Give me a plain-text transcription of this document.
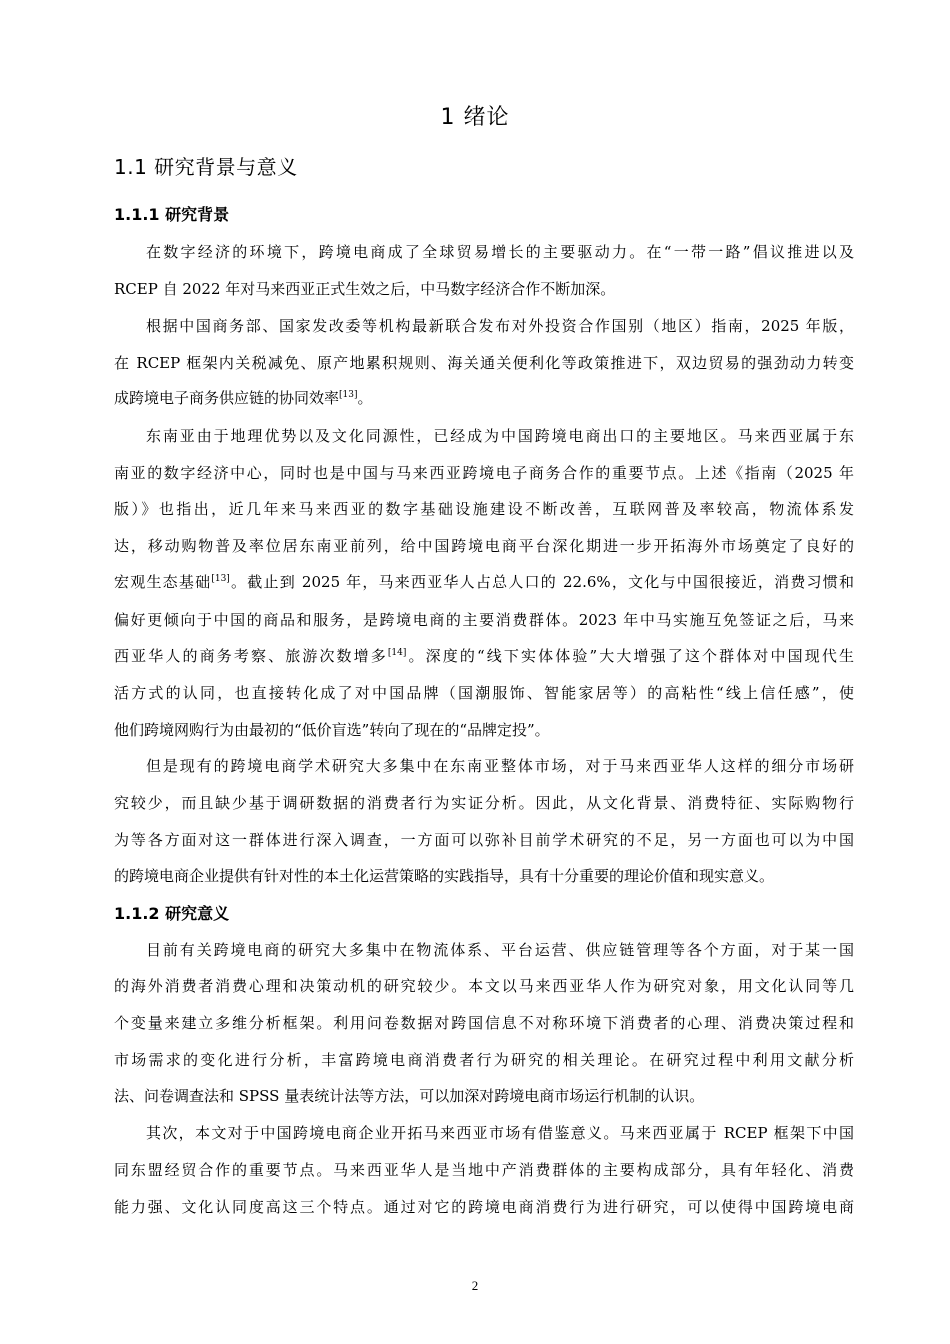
1 绪论
1.1 研究背景与意义
1.1.1 研究背景
在数字经济的环境下，跨境电商成了全球贸易增长的主要驱动力。在“一带一路”倡议推进以及
RCEP 自 2022 年对马来西亚正式生效之后，中马数字经济合作不断加深。
根据中国商务部、国家发改委等机构最新联合发布对外投资合作国别（地区）指南，2025 年版，
在 RCEP 框架内关税减免、原产地累积规则、海关通关便利化等政策推进下，双边贸易的强劲动力转变
成跨境电子商务供应链的协同效率[13]。
东南亚由于地理优势以及文化同源性，已经成为中国跨境电商出口的主要地区。马来西亚属于东
南亚的数字经济中心，同时也是中国与马来西亚跨境电子商务合作的重要节点。上述《指南（2025 年
版）》也指出，近几年来马来西亚的数字基础设施建设不断改善，互联网普及率较高，物流体系发
达，移动购物普及率位居东南亚前列，给中国跨境电商平台深化期进一步开拓海外市场奠定了良好的
宏观生态基础[13]。截止到 2025 年，马来西亚华人占总人口的 22.6%，文化与中国很接近，消费习惯和
偏好更倾向于中国的商品和服务，是跨境电商的主要消费群体。2023 年中马实施互免签证之后，马来
西亚华人的商务考察、旅游次数增多[14]。深度的“线下实体体验”大大增强了这个群体对中国现代生
活方式的认同，也直接转化成了对中国品牌（国潮服饰、智能家居等）的高粘性“线上信任感”，使
他们跨境网购行为由最初的“低价盲选”转向了现在的“品牌定投”。
但是现有的跨境电商学术研究大多集中在东南亚整体市场，对于马来西亚华人这样的细分市场研
究较少，而且缺少基于调研数据的消费者行为实证分析。因此，从文化背景、消费特征、实际购物行
为等各方面对这一群体进行深入调查，一方面可以弥补目前学术研究的不足，另一方面也可以为中国
的跨境电商企业提供有针对性的本土化运营策略的实践指导，具有十分重要的理论价值和现实意义。
1.1.2 研究意义
目前有关跨境电商的研究大多集中在物流体系、平台运营、供应链管理等各个方面，对于某一国
的海外消费者消费心理和决策动机的研究较少。本文以马来西亚华人作为研究对象，用文化认同等几
个变量来建立多维分析框架。利用问卷数据对跨国信息不对称环境下消费者的心理、消费决策过程和
市场需求的变化进行分析，丰富跨境电商消费者行为研究的相关理论。在研究过程中利用文献分析
法、问卷调查法和 SPSS 量表统计法等方法，可以加深对跨境电商市场运行机制的认识。
其次，本文对于中国跨境电商企业开拓马来西亚市场有借鉴意义。马来西亚属于 RCEP 框架下中国
同东盟经贸合作的重要节点。马来西亚华人是当地中产消费群体的主要构成部分，具有年轻化、消费
能力强、文化认同度高这三个特点。通过对它的跨境电商消费行为进行研究，可以使得中国跨境电商
2
